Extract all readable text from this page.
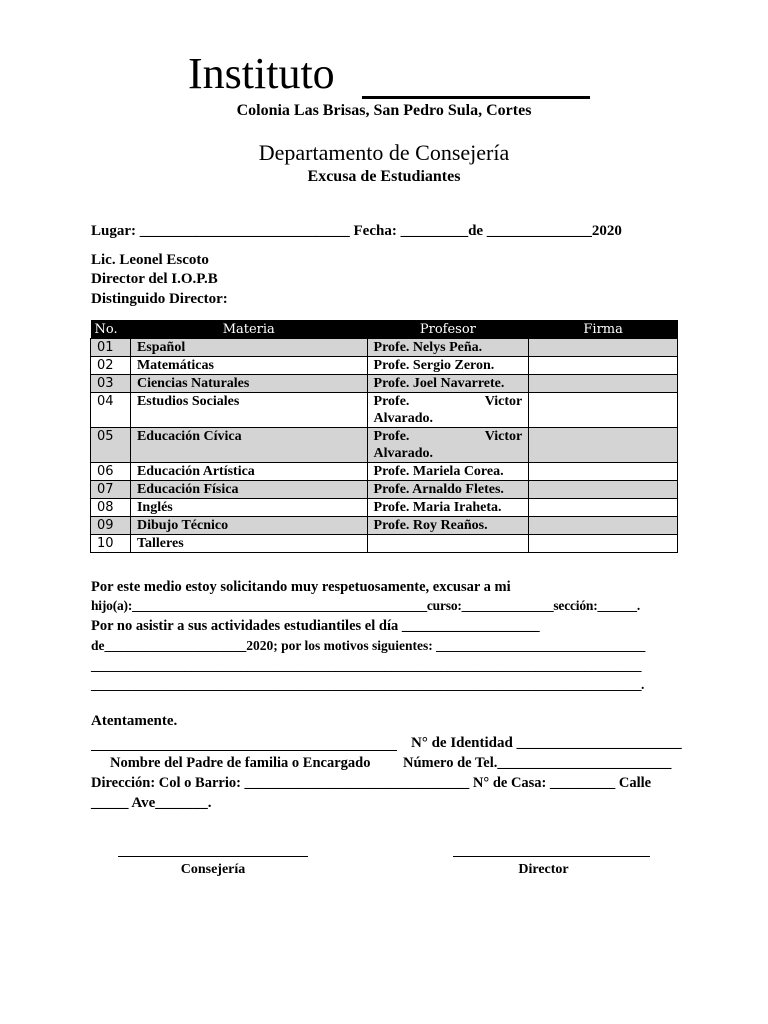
Instituto
Colonia Las Brisas, San Pedro Sula, Cortes
Departamento de Consejería
Excusa de Estudiantes
Lugar: ____________________________ Fecha: _________de ______________2020
Lic. Leonel Escoto
Director del I.O.P.B
Distinguido Director:
No.	Materia	Profesor	Firma
01	Español	Profe. Nelys Peña.	
02	Matemáticas	Profe. Sergio Zeron.	
03	Ciencias Naturales	Profe. Joel Navarrete.	
04	Estudios Sociales	Profe. Victor
Alvarado.	

05	Educación Cívica	Profe. Victor
Alvarado.	

06	Educación Artística	Profe. Mariela Corea.	
07	Educación Física	Profe. Arnaldo Fletes.	
08	Inglés	Profe. Maria Iraheta.	
09	Dibujo Técnico	Profe. Roy Reaños.	
10	Talleres		
Por este medio estoy solicitando muy respetuosamente, excusar a mi
hijo(a):_____________________________________________curso:______________sección:______.
Por no asistir a sus actividades estudiantiles el día ___________________
de_____________________2020; por los motivos siguientes: _______________________________
________________________________________________________________________________________
________________________________________________________________________________________.
Atentamente.
N° de Identidad ______________________
Nombre del Padre de familia o Encargado Número de Tel.________________________
Dirección: Col o Barrio: _______________________________ N° de Casa: _________ Calle
_____ Ave_______.
Consejería	Director
